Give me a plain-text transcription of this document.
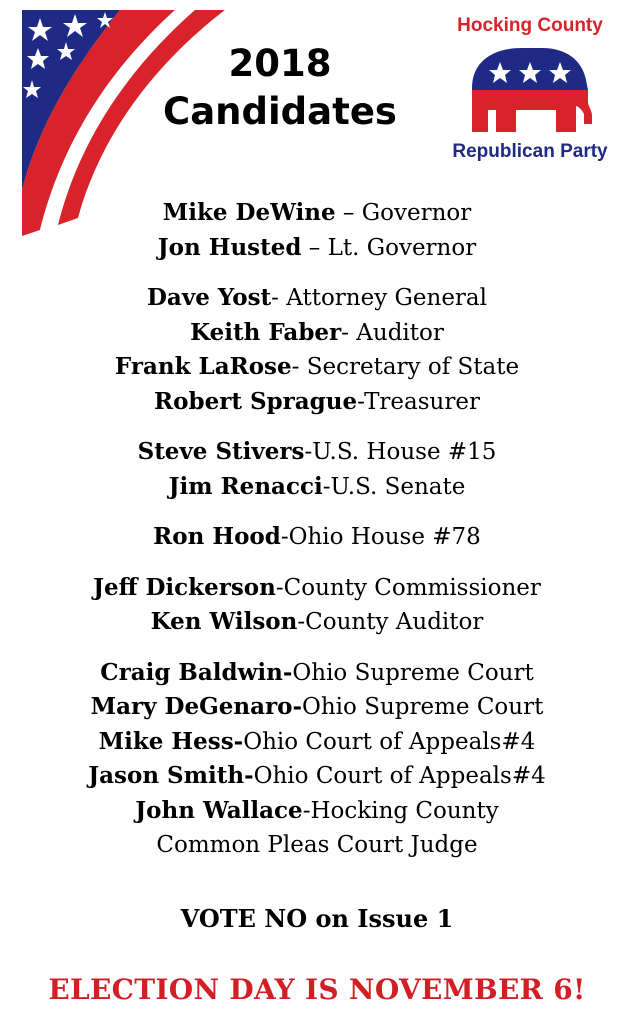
2018
Candidates
Hocking County
Republican Party
Mike DeWine – Governor
Jon Husted – Lt. Governor
Dave Yost- Attorney General
Keith Faber- Auditor
Frank LaRose- Secretary of State
Robert Sprague-Treasurer
Steve Stivers-U.S. House #15
Jim Renacci-U.S. Senate
Ron Hood-Ohio House #78
Jeff Dickerson-County Commissioner
Ken Wilson-County Auditor
Craig Baldwin-Ohio Supreme Court
Mary DeGenaro-Ohio Supreme Court
Mike Hess-Ohio Court of Appeals#4
Jason Smith-Ohio Court of Appeals#4
John Wallace-Hocking County
Common Pleas Court Judge
VOTE NO on Issue 1
ELECTION DAY IS NOVEMBER 6!
